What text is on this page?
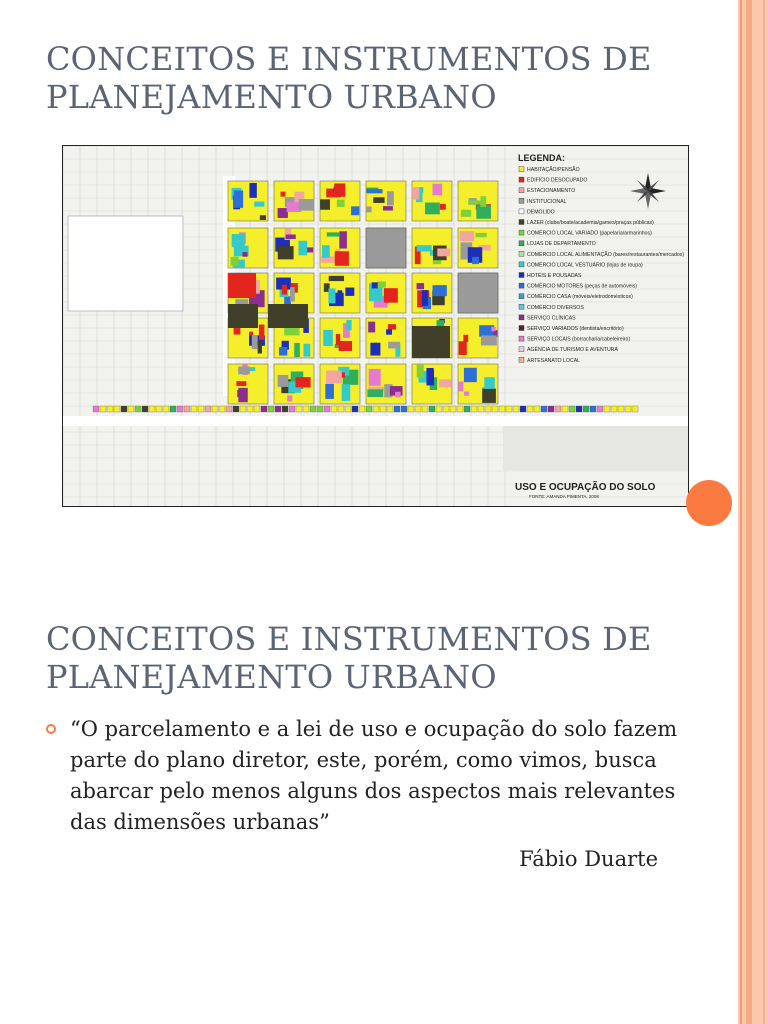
CONCEITOS E INSTRUMENTOS DE PLANEJAMENTO URBANO
LEGENDA:
HABITAÇÃO/PENSÃO
EDIFÍCIO DESOCUPADO
ESTACIONAMENTO
INSTITUCIONAL
DEMOLIDO
LAZER (clube/boate/academia/games/praças públicas)
COMÉRCIO LOCAL VARIADO (papelaria/armarinhos)
LOJAS DE DEPARTAMENTO
COMÉRCIO LOCAL ALIMENTAÇÃO (bares/restaurantes/mercados)
COMÉRCIO LOCAL VESTUÁRIO (lojas de roupa)
HOTÉIS E POUSADAS
COMÉRCIO MOTORES (peças de automóveis)
COMÉRCIO CASA (móveis/eletrodomésticos)
COMÉRCIO DIVERSOS
SERVIÇO CLÍNICAS
SERVIÇO VARIADOS (dentista/escritório)
SERVIÇO LOCAIS (borracharia/cabeleireiro)
AGÊNCIA DE TURISMO E AVENTURA
ARTESANATO LOCAL
USO E OCUPAÇÃO DO SOLO
FONTE: AMANDA PIMENTA, 2008
CONCEITOS E INSTRUMENTOS DE PLANEJAMENTO URBANO
“O parcelamento e a lei de uso e ocupação do solo fazem parte do plano diretor, este, porém, como vimos, busca abarcar pelo menos alguns dos aspectos mais relevantes das dimensões urbanas”
Fábio Duarte
